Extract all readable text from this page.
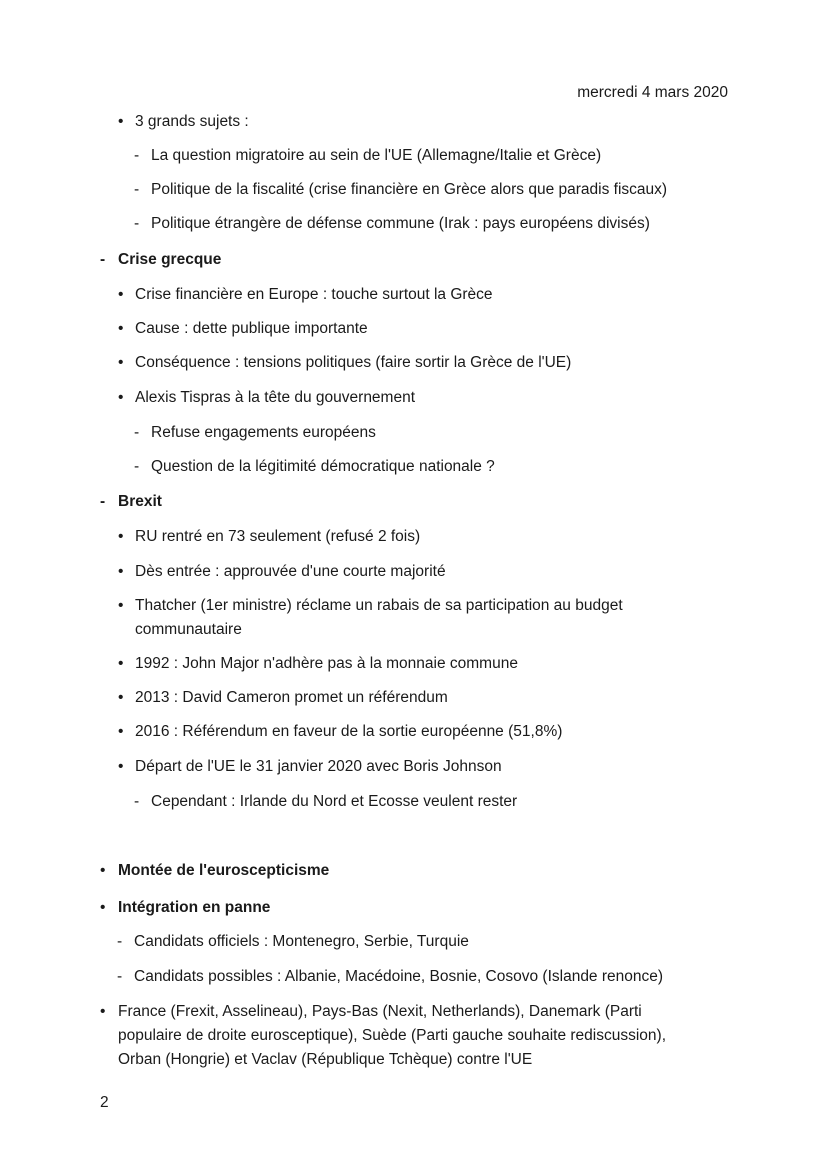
mercredi 4 mars 2020
• 3 grands sujets :
- La question migratoire au sein de l'UE (Allemagne/Italie et Grèce)
- Politique de la fiscalité (crise financière en Grèce alors que paradis fiscaux)
- Politique étrangère de défense commune (Irak : pays européens divisés)
- Crise grecque
• Crise financière en Europe : touche surtout la Grèce
• Cause : dette publique importante
• Conséquence : tensions politiques (faire sortir la Grèce de l'UE)
• Alexis Tispras à la tête du gouvernement
- Refuse engagements européens
- Question de la légitimité démocratique nationale ?
- Brexit
• RU rentré en 73 seulement (refusé 2 fois)
• Dès entrée : approuvée d'une courte majorité
• Thatcher (1er ministre) réclame un rabais de sa participation au budget
communautaire
• 1992 : John Major n'adhère pas à la monnaie commune
• 2013 : David Cameron promet un référendum
• 2016 : Référendum en faveur de la sortie européenne (51,8%)
• Départ de l'UE le 31 janvier 2020 avec Boris Johnson
- Cependant : Irlande du Nord et Ecosse veulent rester
• Montée de l'euroscepticisme
• Intégration en panne
- Candidats officiels : Montenegro, Serbie, Turquie
- Candidats possibles : Albanie, Macédoine, Bosnie, Cosovo (Islande renonce)
• France (Frexit, Asselineau), Pays-Bas (Nexit, Netherlands), Danemark (Parti
populaire de droite eurosceptique), Suède (Parti gauche souhaite rediscussion),
Orban (Hongrie) et Vaclav (République Tchèque) contre l'UE
2
